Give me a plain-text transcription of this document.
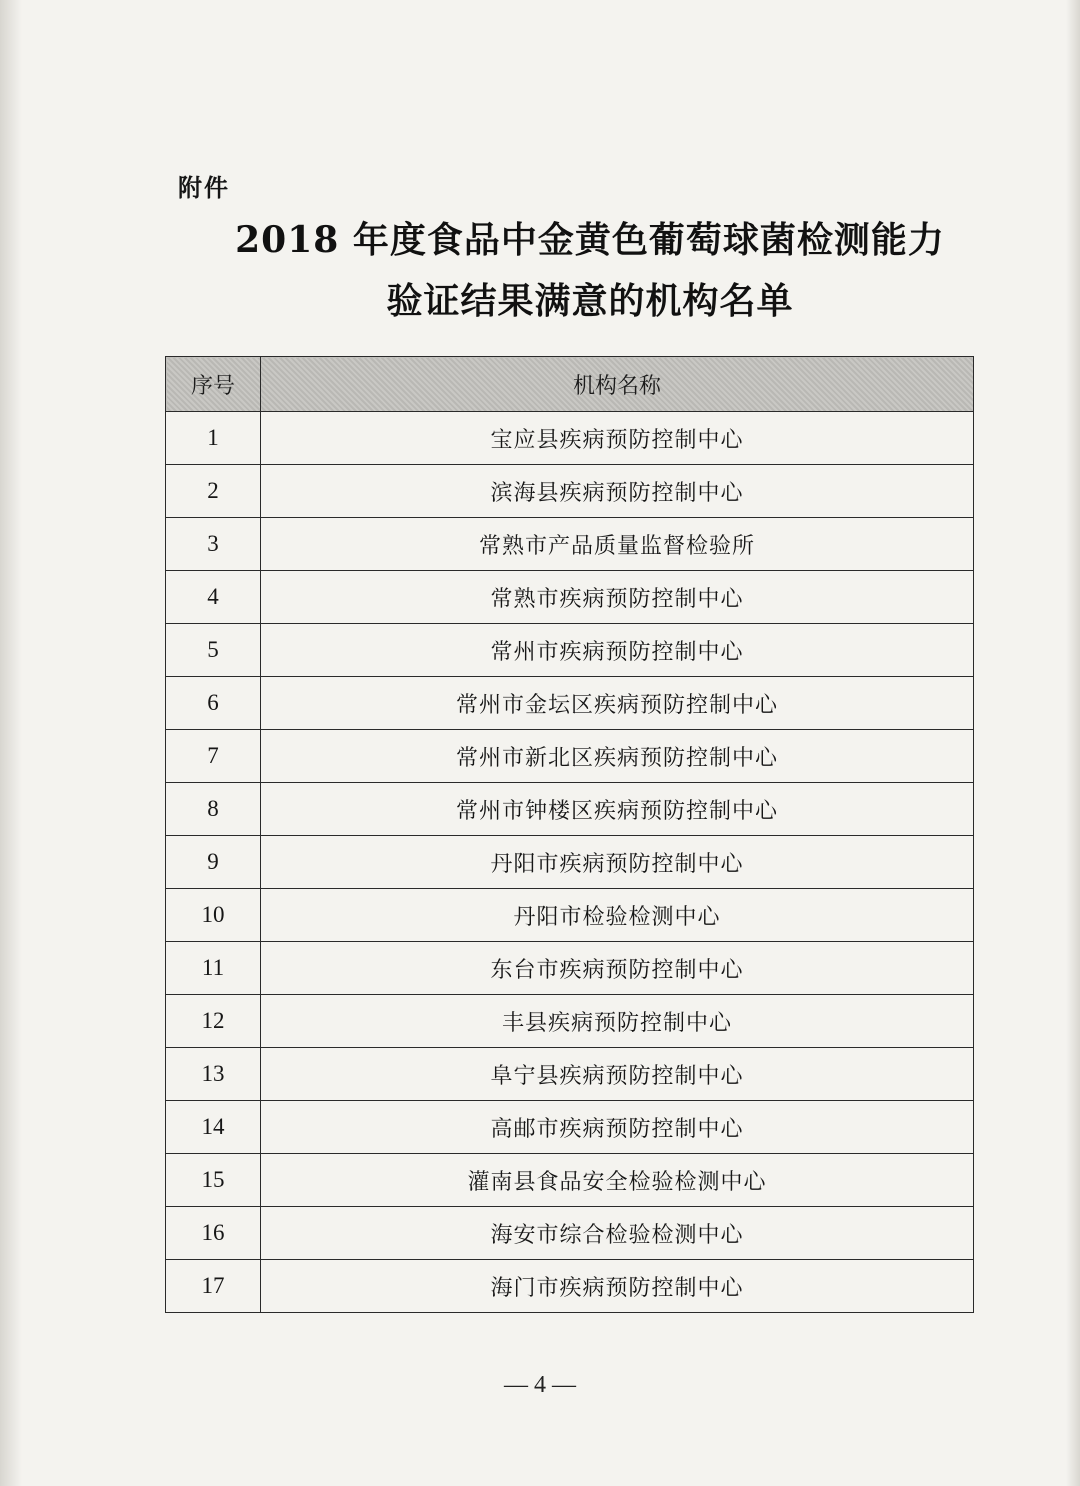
附件
2018 年度食品中金黄色葡萄球菌检测能力
验证结果满意的机构名单
序号	机构名称
1	宝应县疾病预防控制中心
2	滨海县疾病预防控制中心
3	常熟市产品质量监督检验所
4	常熟市疾病预防控制中心
5	常州市疾病预防控制中心
6	常州市金坛区疾病预防控制中心
7	常州市新北区疾病预防控制中心
8	常州市钟楼区疾病预防控制中心
9	丹阳市疾病预防控制中心
10	丹阳市检验检测中心
11	东台市疾病预防控制中心
12	丰县疾病预防控制中心
13	阜宁县疾病预防控制中心
14	高邮市疾病预防控制中心
15	灌南县食品安全检验检测中心
16	海安市综合检验检测中心
17	海门市疾病预防控制中心
— 4 —
